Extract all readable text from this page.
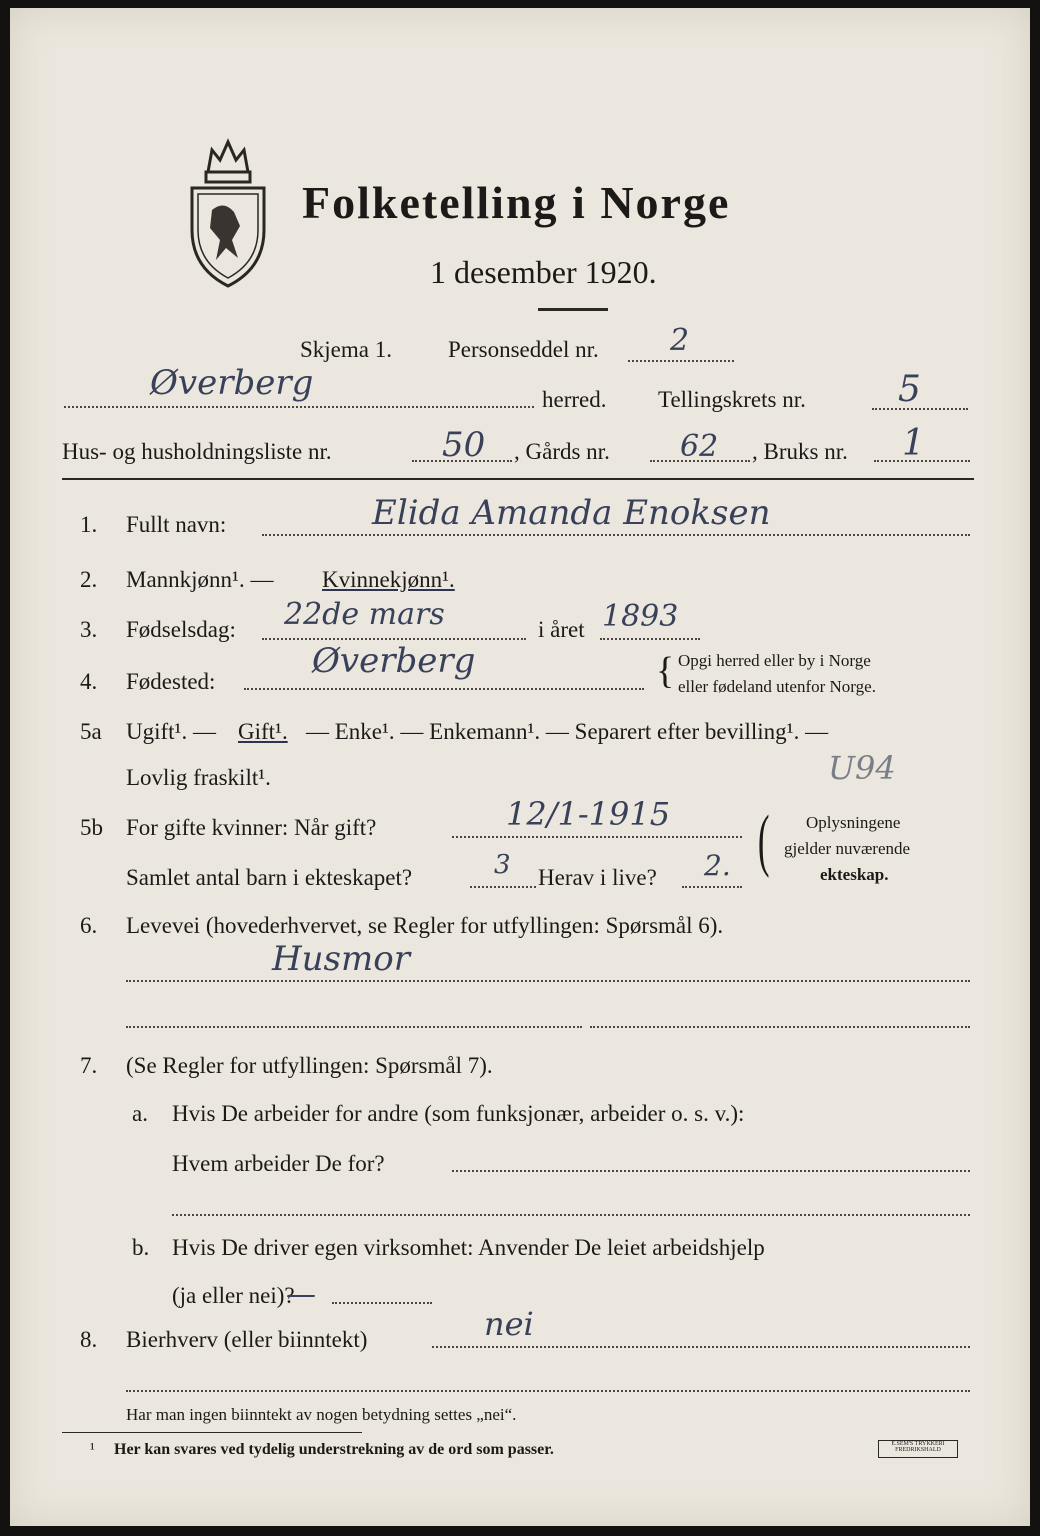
Folketelling i Norge
1 desember 1920.
Skjema 1. Personseddel nr. 2
Øverberg	herred. Tellingskrets nr.	5
Hus- og husholdningsliste nr.	50 , Gårds nr. 62 , Bruks nr. 1
1. Fullt navn:	Elida Amanda Enoksen
2. Mannkjønn¹. — Kvinnekjønn¹.
3. Fødselsdag: 22de mars	i året 1893
4. Fødested:
Øverberg	{ Opgi herred eller by i Norge
eller fødeland utenfor Norge.
5a Ugift¹. — Gift¹. — Enke¹. — Enkemann¹. — Separert efter bevilling¹. —
Lovlig fraskilt¹.	U94
5b For gifte kvinner: Når gift?	12/1-1915
Samlet antal barn i ekteskapet?	3 Herav i live? 2. ( Oplysningene
gjelder nuværende
ekteskap.
6. Levevei (hovederhvervet, se Regler for utfyllingen: Spørsmål 6).
Husmor
7. (Se Regler for utfyllingen: Spørsmål 7).
a. Hvis De arbeider for andre (som funksjonær, arbeider o. s. v.):
Hvem arbeider De for?
b. Hvis De driver egen virksomhet: Anvender De leiet arbeidshjelp
(ja eller nei)?
—
8. Bierhverv (eller biinntekt)	nei
Har man ingen biinntekt av nogen betydning settes „nei“.
¹ Her kan svares ved tydelig understrekning av de ord som passer.	E.SEM'S TRYKKERI
FREDRIKSHALD
